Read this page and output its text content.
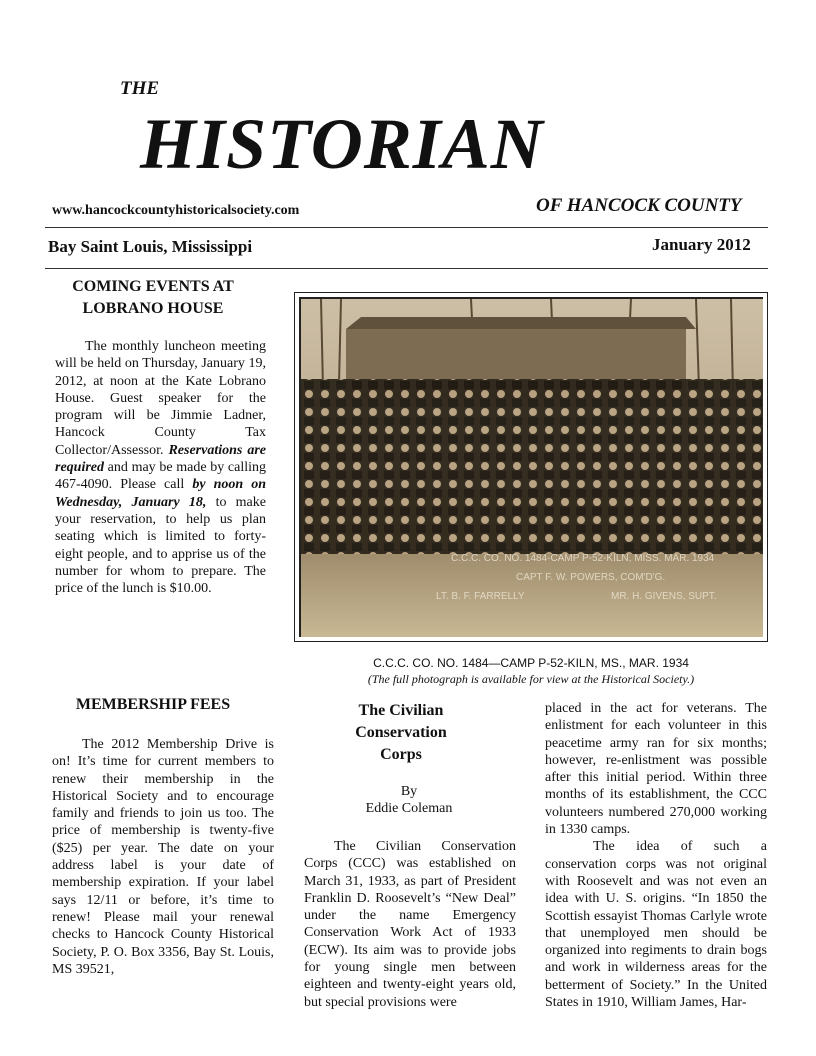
THE
HISTORIAN
www.hancockcountyhistoricalsociety.com	OF HANCOCK COUNTY
Bay Saint Louis, Mississippi	January 2012
COMING EVENTS AT
LOBRANO HOUSE

The monthly luncheon meeting will be held on Thursday, January 19, 2012, at noon at the Kate Lobrano House. Guest speaker for the program will be Jimmie Ladner, Hancock County Tax Collector/Assessor. Reservations are required and may be made by calling 467-4090. Please call by noon on Wednesday, January 18, to make your reservation, to help us plan seating which is limited to forty-eight people, and to apprise us of the number for whom to prepare. The price of the lunch is $10.00.

MEMBERSHIP FEES

The 2012 Membership Drive is on! It’s time for current members to renew their membership in the Historical Society and to encourage family and friends to join us too. The price of membership is twenty-five ($25) per year. The date on your address label is your date of membership expiration. If your label says 12/11 or before, it’s time to renew! Please mail your renewal checks to Hancock County Historical Society, P. O. Box 3356, Bay St. Louis, MS 39521,

C.C.C. CO. NO. 1484-CAMP P-52-KILN, MISS. MAR. 1934
CAPT F. W. POWERS, COM'D'G.
LT. B. F. FARRELLY	MR. H. GIVENS, SUPT.
C.C.C. CO. NO. 1484—CAMP P-52-KILN, MS., MAR. 1934
(The full photograph is available for view at the Historical Society.)
The Civilian
Conservation
Corps
By
Eddie Coleman

The Civilian Conservation Corps (CCC) was established on March 31, 1933, as part of President Franklin D. Roosevelt’s “New Deal” under the name Emergency Conservation Work Act of 1933 (ECW). Its aim was to provide jobs for young single men between eighteen and twenty-eight years old, but special provisions were

placed in the act for veterans. The enlistment for each volunteer in this peacetime army ran for six months; however, re-enlistment was possible after this initial period. Within three months of its establishment, the CCC volunteers numbered 270,000 working in 1330 camps.

The idea of such a conservation corps was not original with Roosevelt and was not even an idea with U. S. origins. “In 1850 the Scottish essayist Thomas Carlyle wrote that unemployed men should be organized into regiments to drain bogs and work in wilderness areas for the betterment of Society.” In the United States in 1910, William James, Har-
